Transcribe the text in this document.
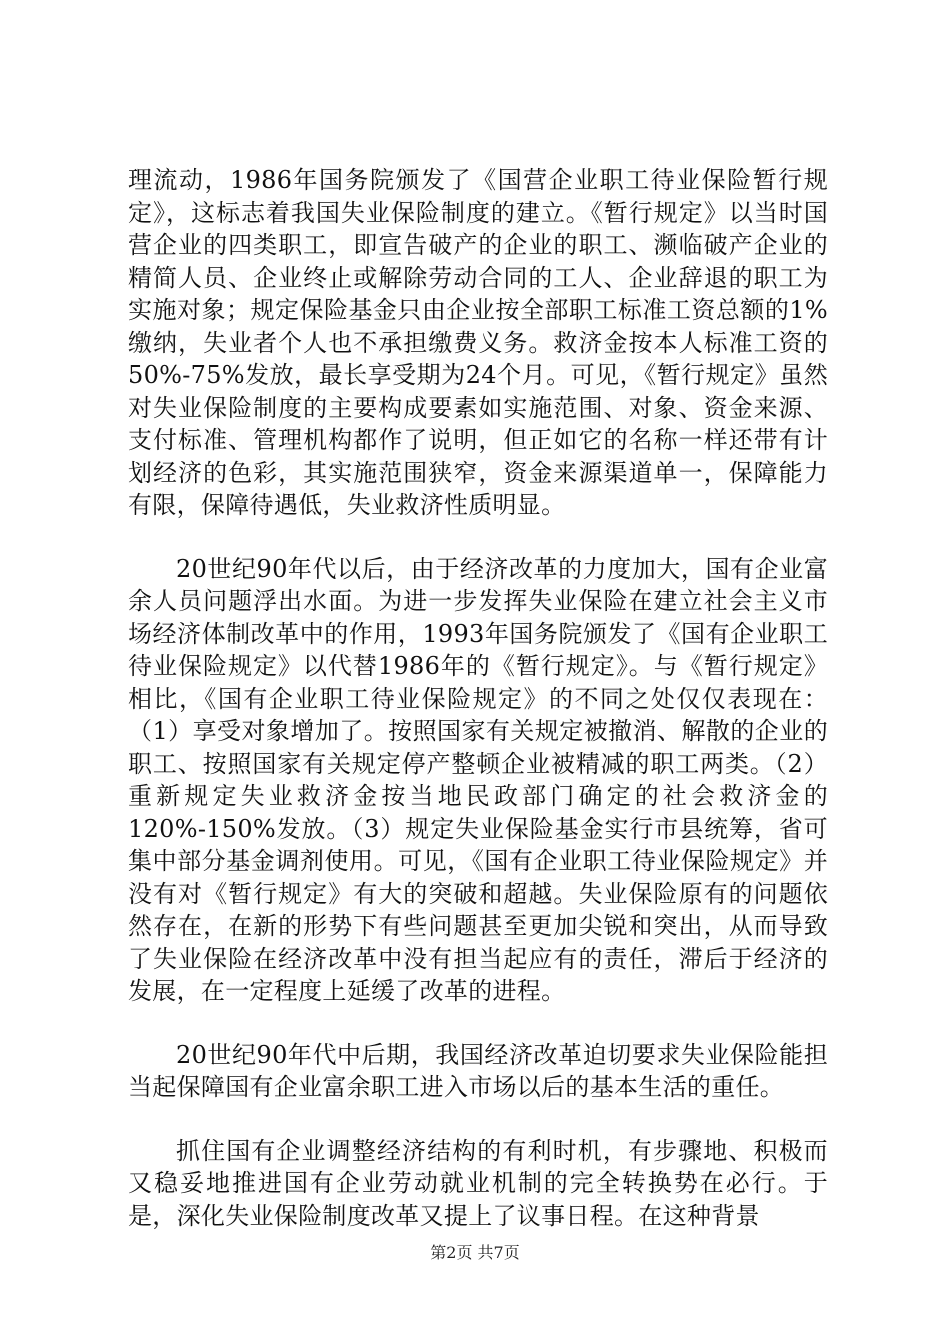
理流动，1986年国务院颁发了《国营企业职工待业保险暂行规定》，这标志着我国失业保险制度的建立。《暂行规定》以当时国营企业的四类职工，即宣告破产的企业的职工、濒临破产企业的精简人员、企业终止或解除劳动合同的工人、企业辞退的职工为实施对象；规定保险基金只由企业按全部职工标准工资总额的1%缴纳，失业者个人也不承担缴费义务。救济金按本人标准工资的50%-75%发放，最长享受期为24个月。可见，《暂行规定》虽然对失业保险制度的主要构成要素如实施范围、对象、资金来源、支付标准、管理机构都作了说明，但正如它的名称一样还带有计划经济的色彩，其实施范围狭窄，资金来源渠道单一，保障能力有限，保障待遇低，失业救济性质明显。

20世纪90年代以后，由于经济改革的力度加大，国有企业富余人员问题浮出水面。为进一步发挥失业保险在建立社会主义市场经济体制改革中的作用，1993年国务院颁发了《国有企业职工待业保险规定》以代替1986年的《暂行规定》。与《暂行规定》相比，《国有企业职工待业保险规定》的不同之处仅仅表现在：（1）享受对象增加了。按照国家有关规定被撤消、解散的企业的职工、按照国家有关规定停产整顿企业被精减的职工两类。（2）重新规定失业救济金按当地民政部门确定的社会救济金的120%-150%发放。（3）规定失业保险基金实行市县统筹，省可集中部分基金调剂使用。可见，《国有企业职工待业保险规定》并没有对《暂行规定》有大的突破和超越。失业保险原有的问题依然存在，在新的形势下有些问题甚至更加尖锐和突出，从而导致了失业保险在经济改革中没有担当起应有的责任，滞后于经济的发展，在一定程度上延缓了改革的进程。

20世纪90年代中后期，我国经济改革迫切要求失业保险能担当起保障国有企业富余职工进入市场以后的基本生活的重任。

抓住国有企业调整经济结构的有利时机，有步骤地、积极而又稳妥地推进国有企业劳动就业机制的完全转换势在必行。于是，深化失业保险制度改革又提上了议事日程。在这种背景

第2页 共7页
